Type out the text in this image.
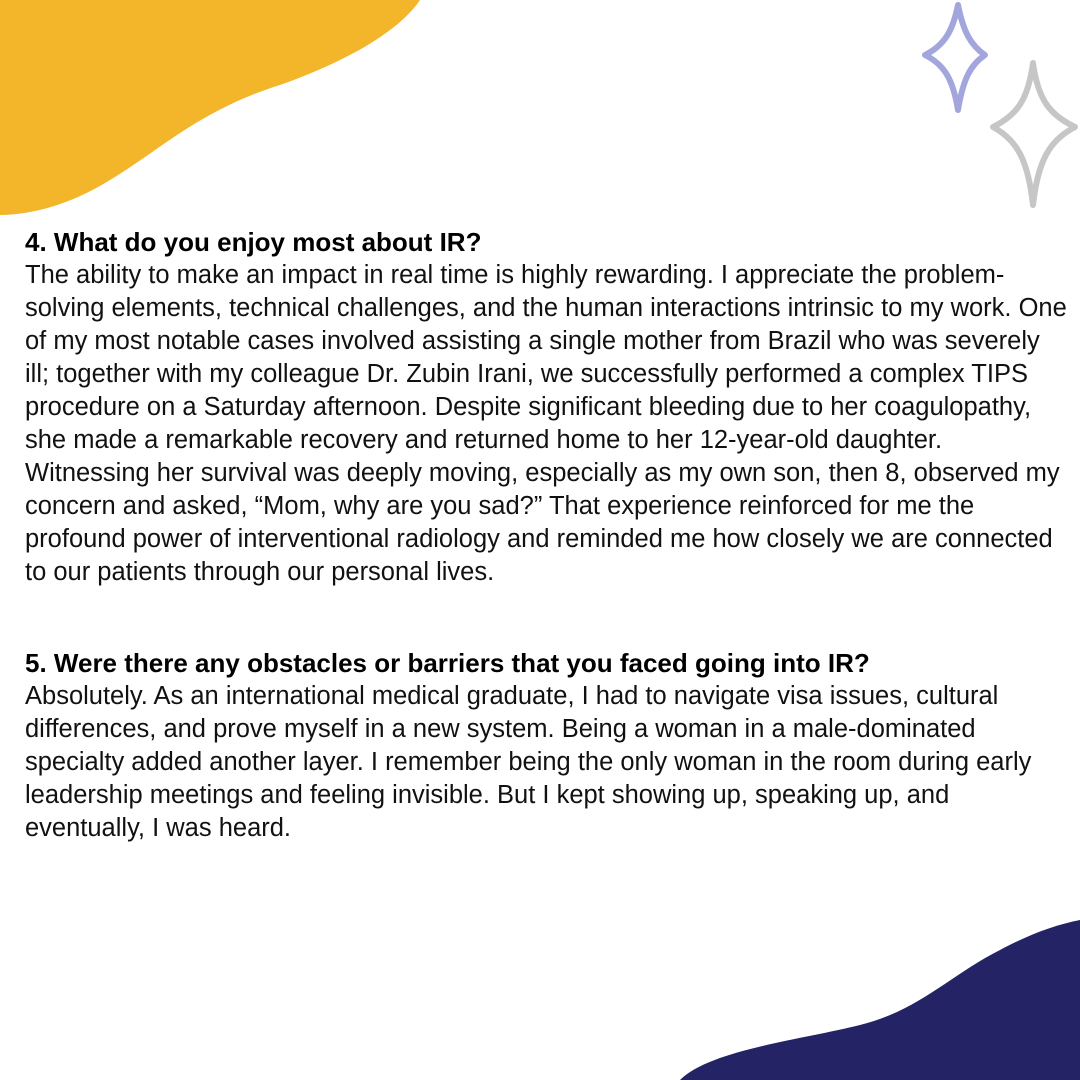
4. What do you enjoy most about IR?

The ability to make an impact in real time is highly rewarding. I appreciate the problem-solving elements, technical challenges, and the human interactions intrinsic to my work. One of my most notable cases involved assisting a single mother from Brazil who was severely ill; together with my colleague Dr. Zubin Irani, we successfully performed a complex TIPS procedure on a Saturday afternoon. Despite significant bleeding due to her coagulopathy, she made a remarkable recovery and returned home to her 12-year-old daughter. Witnessing her survival was deeply moving, especially as my own son, then 8, observed my concern and asked, “Mom, why are you sad?” That experience reinforced for me the profound power of interventional radiology and reminded me how closely we are connected to our patients through our personal lives.

5. Were there any obstacles or barriers that you faced going into IR?

Absolutely. As an international medical graduate, I had to navigate visa issues, cultural differences, and prove myself in a new system. Being a woman in a male-dominated specialty added another layer. I remember being the only woman in the room during early leadership meetings and feeling invisible. But I kept showing up, speaking up, and eventually, I was heard.
